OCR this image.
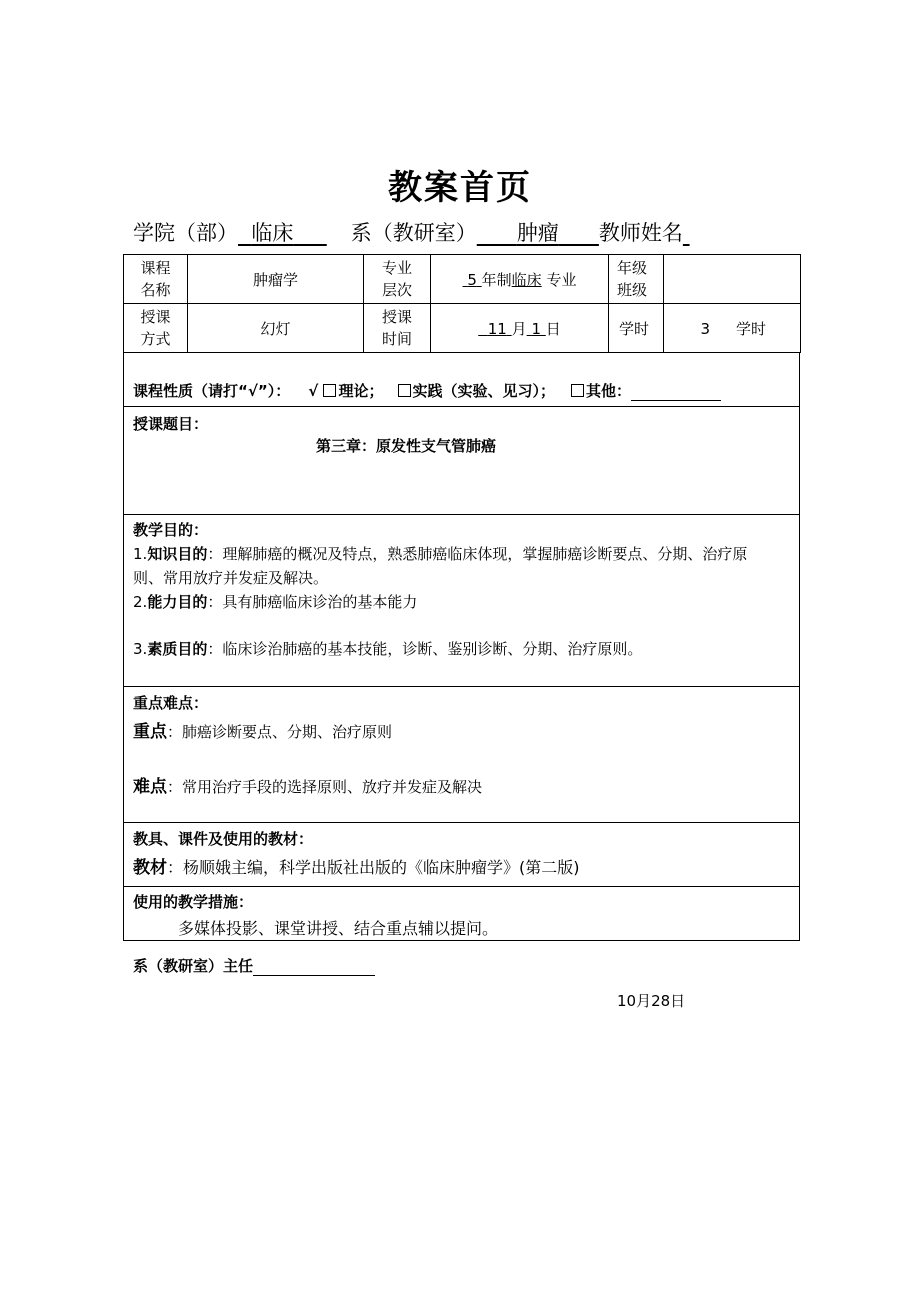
教案首页
学院（部） 临床	系（教研室） 肿瘤 教师姓名
课程名称	肿瘤学	专业层次	5 年制临床 专业	年级班级	
授课方式	幻灯	授课时间	11 月 1 日	学时	3 学时
课程性质（请打“√”）： √ 理论； 实践（实验、见习）； 其他：
授课题目：
第三章：原发性支气管肺癌
教学目的：
1.知识目的：理解肺癌的概况及特点，熟悉肺癌临床体现，掌握肺癌诊断要点、分期、治疗原
则、常用放疗并发症及解决。
2.能力目的：具有肺癌临床诊治的基本能力
3.素质目的：临床诊治肺癌的基本技能，诊断、鉴别诊断、分期、治疗原则。
重点难点：
重点：肺癌诊断要点、分期、治疗原则
难点：常用治疗手段的选择原则、放疗并发症及解决
教具、课件及使用的教材：
教材：杨顺娥主编，科学出版社出版的《临床肿瘤学》(第二版)
使用的教学措施：
多媒体投影、课堂讲授、结合重点辅以提问。
系（教研室）主任
10月28日
